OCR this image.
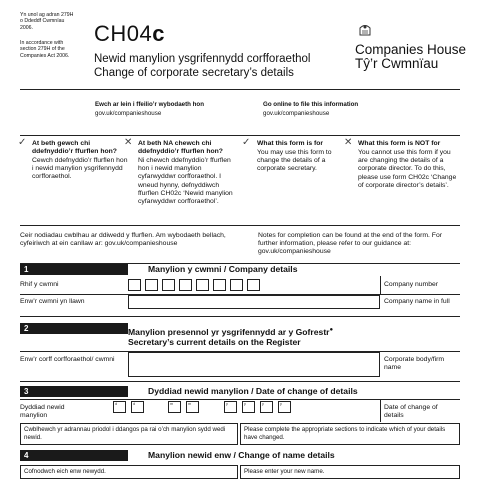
Yn unol ag adran 279H o Ddeddf Cwmnïau 2006.
In accordance with section 279H of the Companies Act 2006.
CH04c
Newid manylion ysgrifennydd corfforaethol
Change of corporate secretary’s details
Companies House
Tŷ’r Cwmnïau
Ewch ar lein i ffeilio’r wybodaeth hon
gov.uk/companieshouse
Go online to file this information
gov.uk/companieshouse
✓ At beth gewch chi ddefnyddio’r ffurflen hon?
Cewch ddefnyddio’r ffurflen hon i newid manylion ysgrifennydd corfforaethol.
✕ At beth NA chewch chi ddefnyddio’r ffurflen hon?
Ni chewch ddefnyddio’r ffurflen hon i newid manylion cyfarwyddwr corfforaethol. I wneud hynny, defnyddiwch ffurflen CH02c ‘Newid manylion cyfarwyddwr corfforaethol’.
✓ What this form is for
You may use this form to change the details of a corporate secretary.
✕ What this form is NOT for
You cannot use this form if you are changing the details of a corporate director. To do this, please use form CH02c ‘Change of corporate director’s details’.
Ceir nodiadau cwblhau ar ddiwedd y ffurflen. Am wybodaeth bellach, cyfeiriwch at ein canllaw ar: gov.uk/companieshouse
Notes for completion can be found at the end of the form. For further information, please refer to our guidance at: gov.uk/companieshouse
1	Manylion y cwmni / Company details
Rhif y cwmni	Company number
Enw’r cwmni yn llawn	Company name in full
2	Manylion presennol yr ysgrifennydd ar y Gofrestr●
Secretary’s current details on the Register
Enw’r corff corfforaethol/ cwmni	Corporate body/firm name
3	Dyddiad newid manylion / Date of change of details
Dyddiad newid manylion
d	d	m	m	y	y	y	y	Date of change of details
Cwblhewch yr adrannau priodol i ddangos pa rai o’ch manylion sydd wedi newid.
Please complete the appropriate sections to indicate which of your details have changed.
4	Manylion newid enw / Change of name details
Cofnodwch eich enw newydd.	Please enter your new name.
